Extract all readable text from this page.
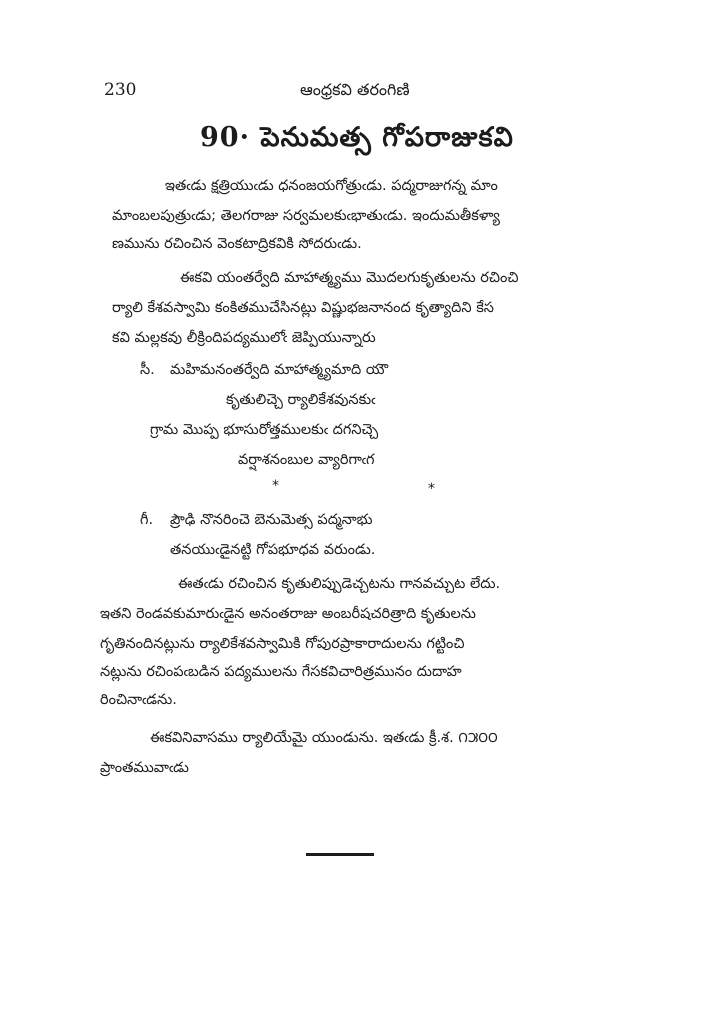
230	ఆంధ్రకవి తరంగిణి
90· పెనుమత్స గోపరాజుకవి
ఇతఁడు క్షత్రియుఁడు ధనంజయగోత్రుఁడు. పద్మరాజుగన్న మాం
మాంబలపుత్రుఁడు; తెలగరాజు సర్వమలకుఁభాతుఁడు. ఇందుమతీకళ్యా
ణమును రచించిన వెంకటాద్రికవికి సోదరుఁడు.
ఈకవి యంతర్వేది మాహాత్మ్యము మొదలగుకృతులను రచించి
ర్యాలి కేశవస్వామి కంకితముచేసినట్లు విష్ణుభజనానంద కృత్యాదిని కేస
కవి మల్లకవు లీక్రిందిపద్యములోఁ జెప్పియున్నారు
సీ. మహిమనంతర్వేది మాహాత్మ్యమాది యౌ
కృతులిచ్చె ర్యాలికేశవునకుఁ
గ్రామ మొప్ప భూసురోత్తములకుఁ దగనిచ్చె
వర్షాశనంబుల వ్యారిగాఁగ
*	*
గీ. ప్రౌఢి నొనరించె బెనుమెత్స పద్మనాభు
తనయుఁడైనట్టి గోపభూధవ వరుండు.
ఈతఁడు రచించిన కృతులిప్పుడెచ్చటను గానవచ్చుట లేదు.
ఇతని రెండవకుమారుఁడైన అనంతరాజు అంబరీషచరిత్రాది కృతులను
గృతినందినట్లును ర్యాలికేశవస్వామికి గోపురప్రాకారాదులను గట్టించి
నట్లును రచింపఁబడిన పద్యములను గేసకవిచారిత్రమునం దుదాహ
రించినాఁడను.
ఈకవినివాసము ర్యాలియేమై యుండును. ఇతఁడు క్రీ.శ. ౧౫౦౦
ప్రాంతమువాఁడు
